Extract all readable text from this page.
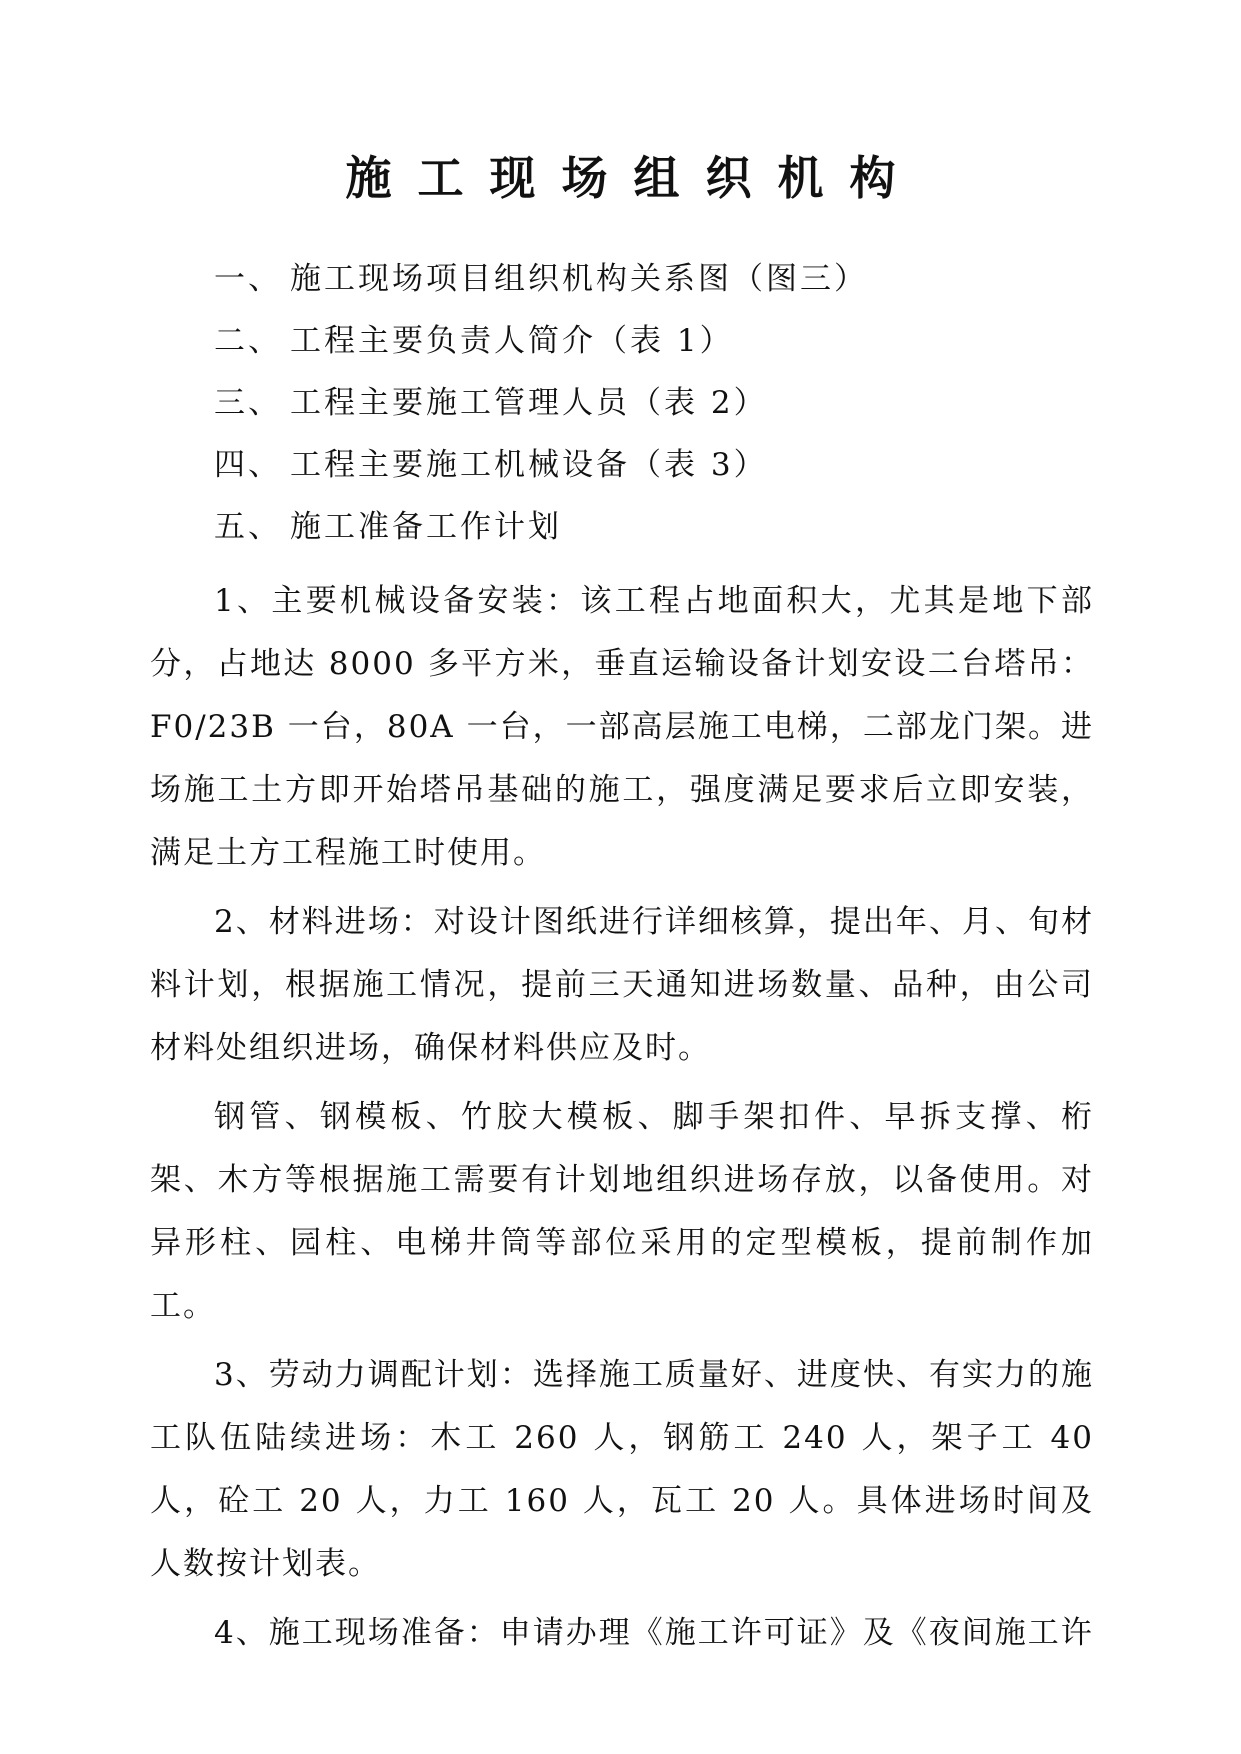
施工现场组织机构
一、 施工现场项目组织机构关系图（图三）
二、 工程主要负责人简介（表 1）
三、 工程主要施工管理人员（表 2）
四、 工程主要施工机械设备（表 3）
五、 施工准备工作计划

1、主要机械设备安装：该工程占地面积大，尤其是地下部分，占地达 8000 多平方米，垂直运输设备计划安设二台塔吊：F0/23B 一台，80A 一台，一部高层施工电梯，二部龙门架。进场施工土方即开始塔吊基础的施工，强度满足要求后立即安装，满足土方工程施工时使用。

2、材料进场：对设计图纸进行详细核算，提出年、月、旬材料计划，根据施工情况，提前三天通知进场数量、品种，由公司材料处组织进场，确保材料供应及时。

钢管、钢模板、竹胶大模板、脚手架扣件、早拆支撑、桁架、木方等根据施工需要有计划地组织进场存放，以备使用。对异形柱、园柱、电梯井筒等部位采用的定型模板，提前制作加工。

3、劳动力调配计划：选择施工质量好、进度快、有实力的施工队伍陆续进场：木工 260 人，钢筋工 240 人，架子工 40 人，砼工 20 人，力工 160 人，瓦工 20 人。具体进场时间及人数按计划表。

4、施工现场准备：申请办理《施工许可证》及《夜间施工许
